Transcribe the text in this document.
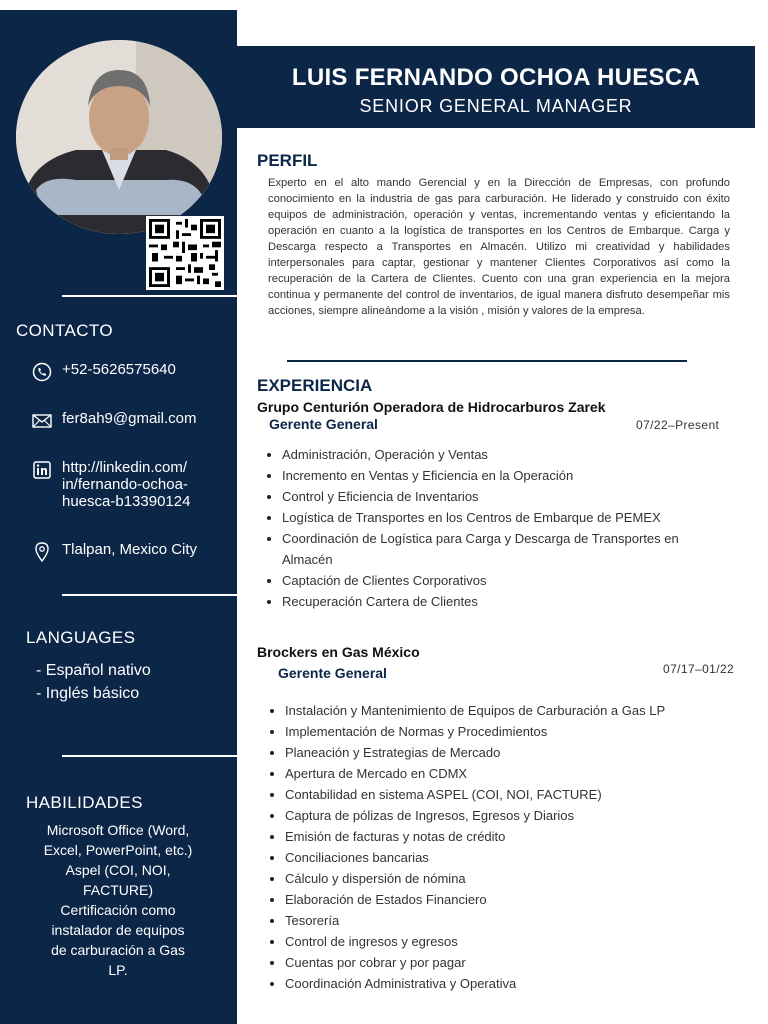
LUIS FERNANDO OCHOA HUESCA
SENIOR GENERAL MANAGER
CONTACTO
+52-5626575640
fer8ah9@gmail.com
http://linkedin.com/
in/fernando-ochoa-
huesca-b13390124
Tlalpan, Mexico City
LANGUAGES
- Español nativo
- Inglés básico
HABILIDADES
Microsoft Office (Word,
Excel, PowerPoint, etc.)
Aspel (COI, NOI,
FACTURE)
Certificación como
instalador de equipos
de carburación a Gas
LP.
PERFIL

Experto en el alto mando Gerencial y en la Dirección de Empresas, con profundo conocimiento en la industria de gas para carburación. He liderado y construido con éxito equipos de administración, operación y ventas, incrementando ventas y eficientando la operación en cuanto a la logística de transportes en los Centros de Embarque. Carga y Descarga respecto a Transportes en Almacén. Utilizo mi creatividad y habilidades interpersonales para captar, gestionar y mantener Clientes Corporativos así como la recuperación de la Cartera de Clientes. Cuento con una gran experiencia en la mejora continua y permanente del control de inventarios, de igual manera disfruto desempeñar mis acciones, siempre alineándome a la visión , misión y valores de la empresa.

EXPERIENCIA
Grupo Centurión Operadora de Hidrocarburos Zarek
Gerente General	07/22–Present
Administración, Operación y Ventas
Incremento en Ventas y Eficiencia en la Operación
Control y Eficiencia de Inventarios
Logística de Transportes en los Centros de Embarque de PEMEX
Coordinación de Logística para Carga y Descarga de Transportes en Almacén
Captación de Clientes Corporativos
Recuperación Cartera de Clientes
Brockers en Gas México
Gerente General	07/17–01/22
Instalación y Mantenimiento de Equipos de Carburación a Gas LP
Implementación de Normas y Procedimientos
Planeación y Estrategias de Mercado
Apertura de Mercado en CDMX
Contabilidad en sistema ASPEL (COI, NOI, FACTURE)
Captura de pólizas de Ingresos, Egresos y Diarios
Emisión de facturas y notas de crédito
Conciliaciones bancarias
Cálculo y dispersión de nómina
Elaboración de Estados Financiero
Tesorería
Control de ingresos y egresos
Cuentas por cobrar y por pagar
Coordinación Administrativa y Operativa
